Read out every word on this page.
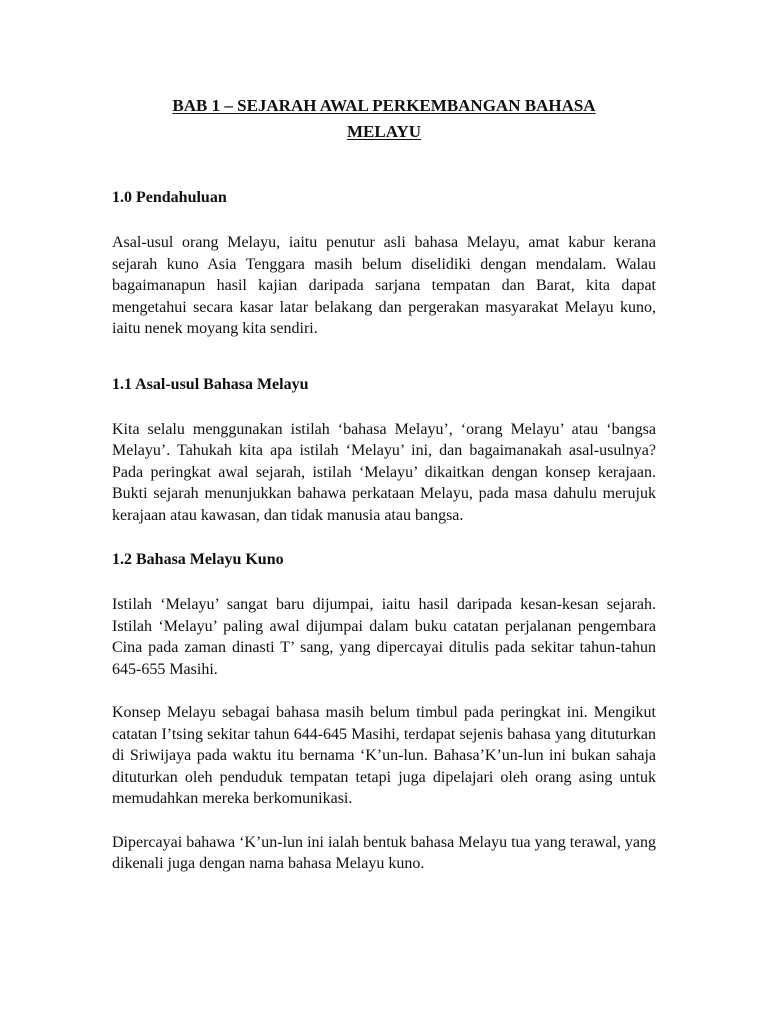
BAB 1 – SEJARAH AWAL PERKEMBANGAN BAHASA
MELAYU
1.0 Pendahuluan

Asal-usul orang Melayu, iaitu penutur asli bahasa Melayu, amat kabur kerana sejarah kuno Asia Tenggara masih belum diselidiki dengan mendalam. Walau bagaimanapun hasil kajian daripada sarjana tempatan dan Barat, kita dapat mengetahui secara kasar latar belakang dan pergerakan masyarakat Melayu kuno, iaitu nenek moyang kita sendiri.

1.1 Asal-usul Bahasa Melayu

Kita selalu menggunakan istilah ‘bahasa Melayu’, ‘orang Melayu’ atau ‘bangsa Melayu’. Tahukah kita apa istilah ‘Melayu’ ini, dan bagaimanakah asal-usulnya? Pada peringkat awal sejarah, istilah ‘Melayu’ dikaitkan dengan konsep kerajaan. Bukti sejarah menunjukkan bahawa perkataan Melayu, pada masa dahulu merujuk kerajaan atau kawasan, dan tidak manusia atau bangsa.

1.2 Bahasa Melayu Kuno

Istilah ‘Melayu’ sangat baru dijumpai, iaitu hasil daripada kesan-kesan sejarah. Istilah ‘Melayu’ paling awal dijumpai dalam buku catatan perjalanan pengembara Cina pada zaman dinasti T’ sang, yang dipercayai ditulis pada sekitar tahun-tahun 645-655 Masihi.

Konsep Melayu sebagai bahasa masih belum timbul pada peringkat ini. Mengikut catatan I’tsing sekitar tahun 644-645 Masihi, terdapat sejenis bahasa yang dituturkan di Sriwijaya pada waktu itu bernama ‘K’un-lun. Bahasa’K’un-lun ini bukan sahaja dituturkan oleh penduduk tempatan tetapi juga dipelajari oleh orang asing untuk memudahkan mereka berkomunikasi.

Dipercayai bahawa ‘K’un-lun ini ialah bentuk bahasa Melayu tua yang terawal, yang dikenali juga dengan nama bahasa Melayu kuno.
